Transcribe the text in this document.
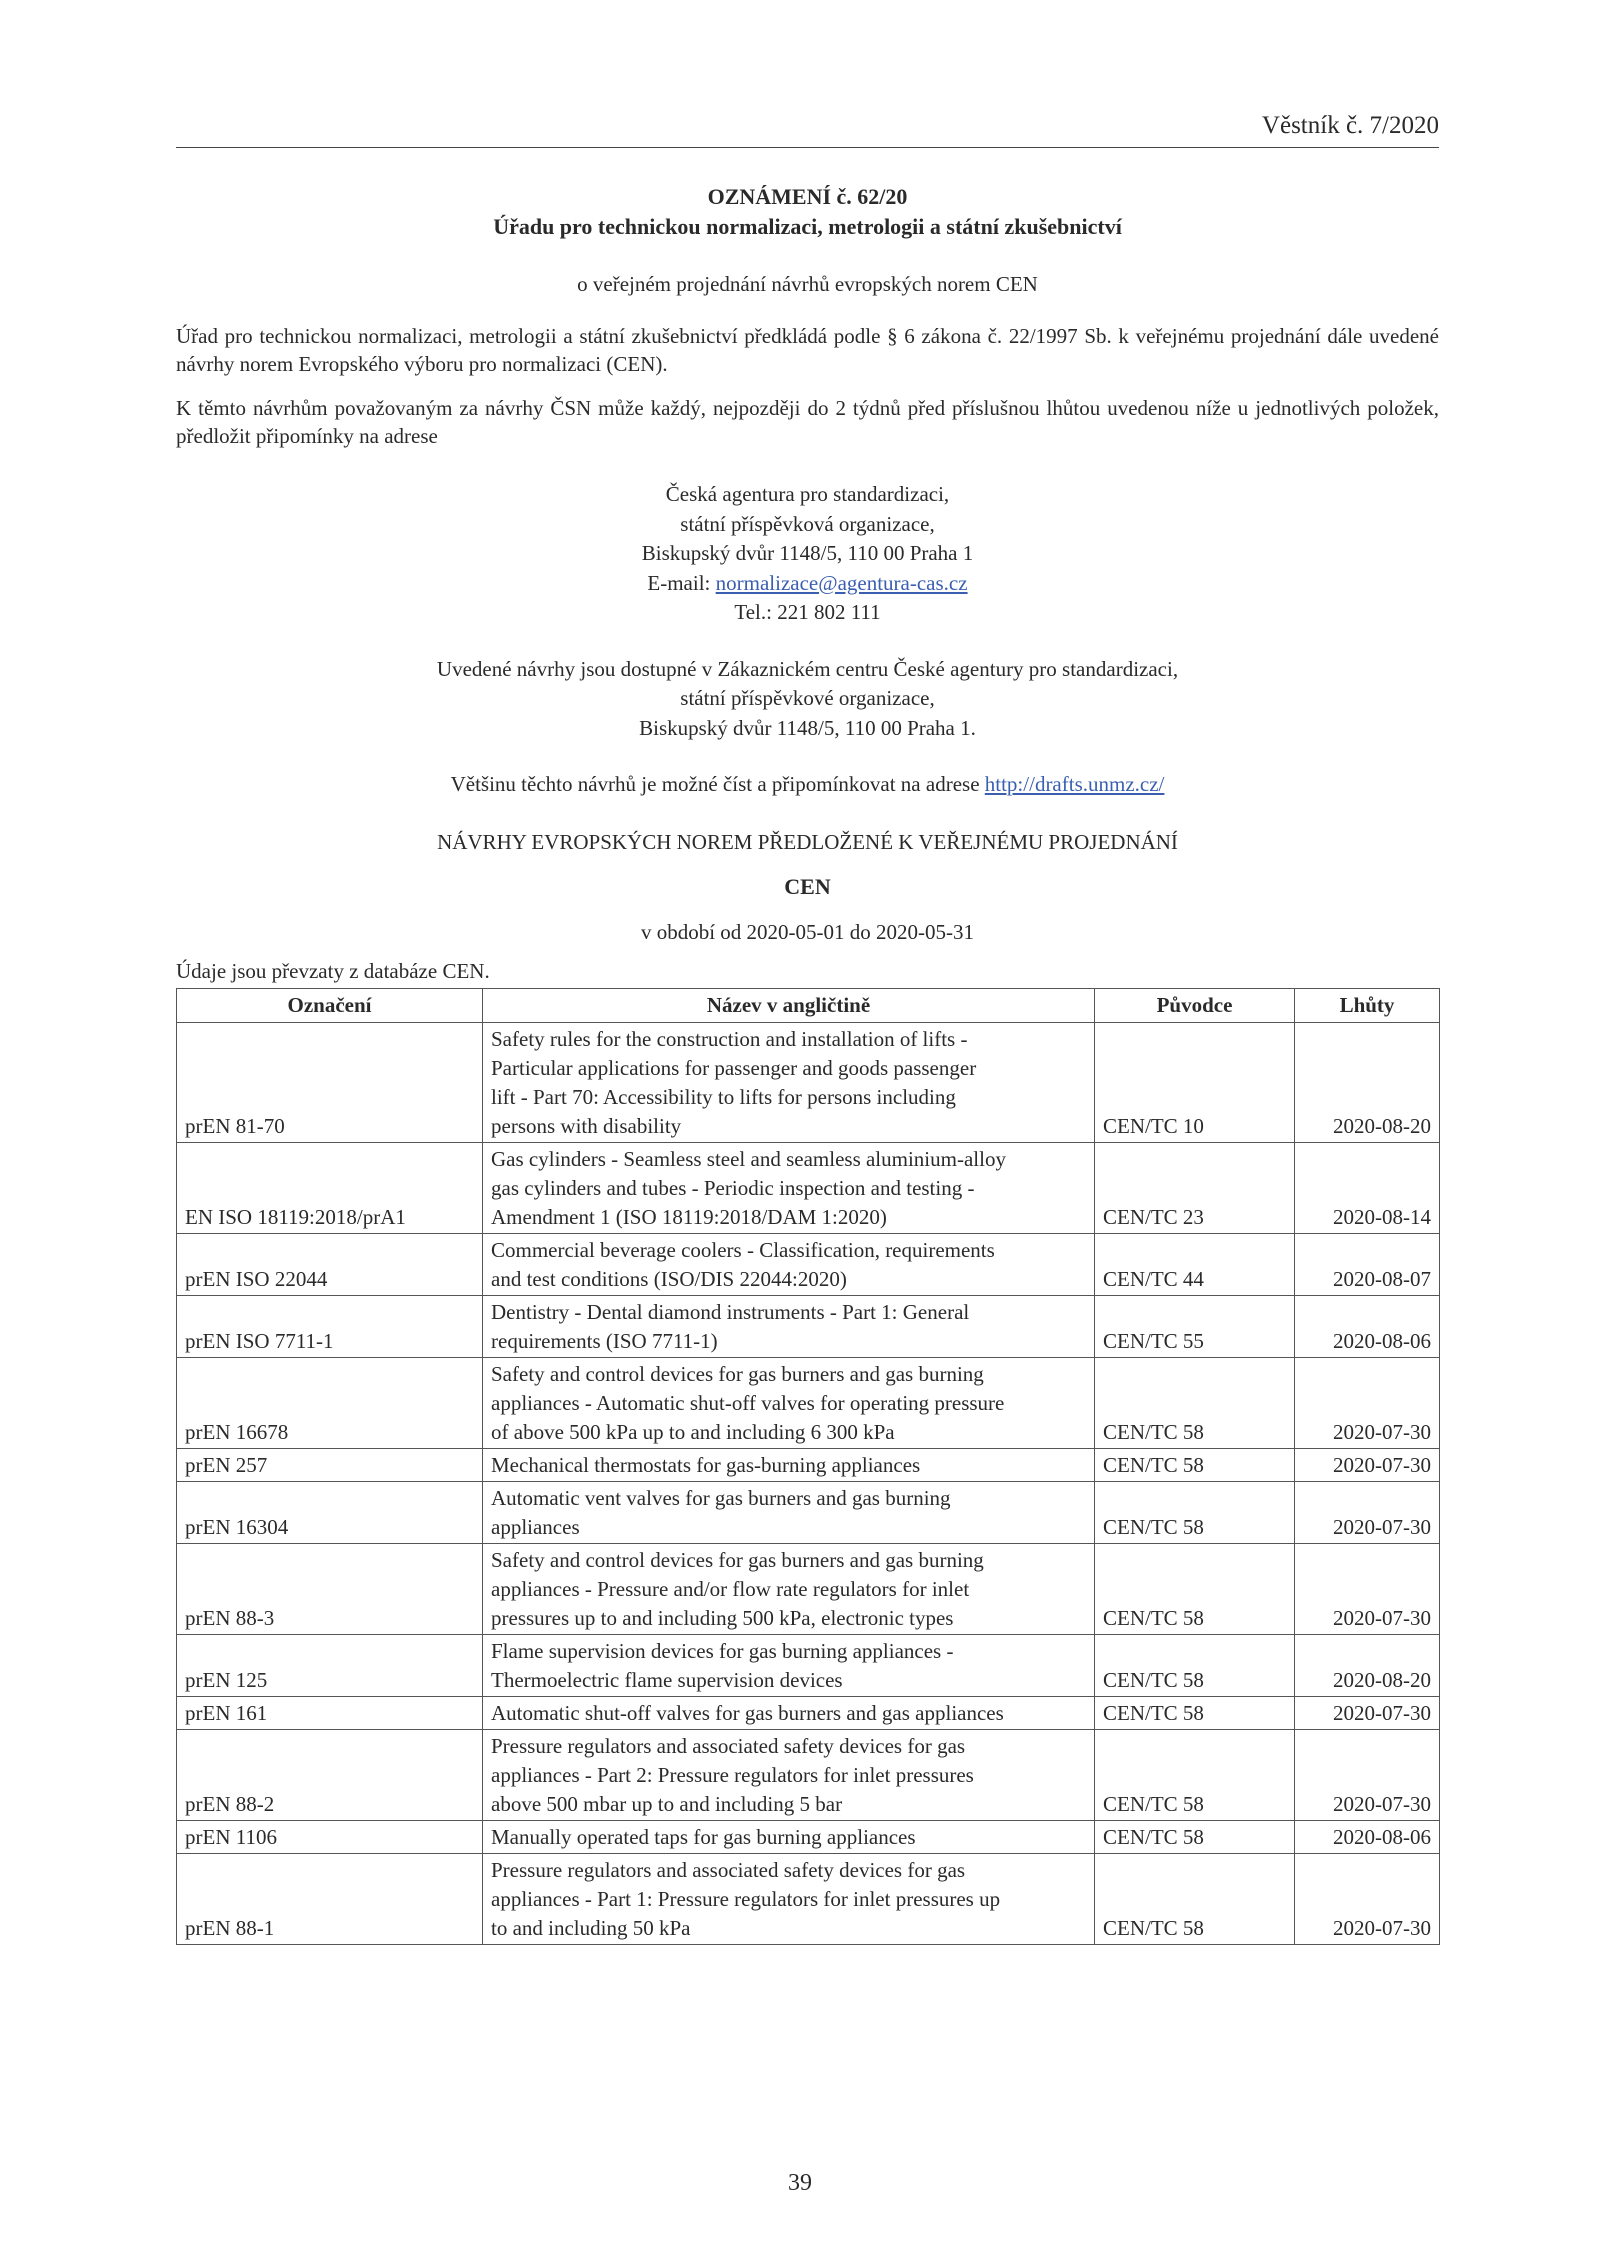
Věstník č. 7/2020
OZNÁMENÍ č. 62/20
Úřadu pro technickou normalizaci, metrologii a státní zkušebnictví
o veřejném projednání návrhů evropských norem CEN
Úřad pro technickou normalizaci, metrologii a státní zkušebnictví předkládá podle § 6 zákona č. 22/1997 Sb. k veřejnému projednání dále uvedené návrhy norem Evropského výboru pro normalizaci (CEN).
K těmto návrhům považovaným za návrhy ČSN může každý, nejpozději do 2 týdnů před příslušnou lhůtou uvedenou níže u jednotlivých položek, předložit připomínky na adrese
Česká agentura pro standardizaci,
státní příspěvková organizace,
Biskupský dvůr 1148/5, 110 00 Praha 1
E-mail: normalizace@agentura-cas.cz
Tel.: 221 802 111
Uvedené návrhy jsou dostupné v Zákaznickém centru České agentury pro standardizaci,
státní příspěvkové organizace,
Biskupský dvůr 1148/5, 110 00 Praha 1.
Většinu těchto návrhů je možné číst a připomínkovat na adrese http://drafts.unmz.cz/
NÁVRHY EVROPSKÝCH NOREM PŘEDLOŽENÉ K VEŘEJNÉMU PROJEDNÁNÍ
CEN
v období od 2020-05-01 do 2020-05-31
Údaje jsou převzaty z databáze CEN.
Označení	Název v angličtině	Původce	Lhůty
prEN 81-70	Safety rules for the construction and installation of lifts -
Particular applications for passenger and goods passenger
lift - Part 70: Accessibility to lifts for persons including
persons with disability	CEN/TC 10	2020-08-20
EN ISO 18119:2018/prA1	Gas cylinders - Seamless steel and seamless aluminium-alloy
gas cylinders and tubes - Periodic inspection and testing -
Amendment 1 (ISO 18119:2018/DAM 1:2020)	CEN/TC 23	2020-08-14
prEN ISO 22044	Commercial beverage coolers - Classification, requirements
and test conditions (ISO/DIS 22044:2020)	CEN/TC 44	2020-08-07
prEN ISO 7711-1	Dentistry - Dental diamond instruments - Part 1: General
requirements (ISO 7711-1)	CEN/TC 55	2020-08-06
prEN 16678	Safety and control devices for gas burners and gas burning
appliances - Automatic shut-off valves for operating pressure
of above 500 kPa up to and including 6 300 kPa	CEN/TC 58	2020-07-30
prEN 257	Mechanical thermostats for gas-burning appliances	CEN/TC 58	2020-07-30
prEN 16304	Automatic vent valves for gas burners and gas burning
appliances	CEN/TC 58	2020-07-30
prEN 88-3	Safety and control devices for gas burners and gas burning
appliances - Pressure and/or flow rate regulators for inlet
pressures up to and including 500 kPa, electronic types	CEN/TC 58	2020-07-30
prEN 125	Flame supervision devices for gas burning appliances -
Thermoelectric flame supervision devices	CEN/TC 58	2020-08-20
prEN 161	Automatic shut-off valves for gas burners and gas appliances	CEN/TC 58	2020-07-30
prEN 88-2	Pressure regulators and associated safety devices for gas
appliances - Part 2: Pressure regulators for inlet pressures
above 500 mbar up to and including 5 bar	CEN/TC 58	2020-07-30
prEN 1106	Manually operated taps for gas burning appliances	CEN/TC 58	2020-08-06
prEN 88-1	Pressure regulators and associated safety devices for gas
appliances - Part 1: Pressure regulators for inlet pressures up
to and including 50 kPa	CEN/TC 58	2020-07-30
39
